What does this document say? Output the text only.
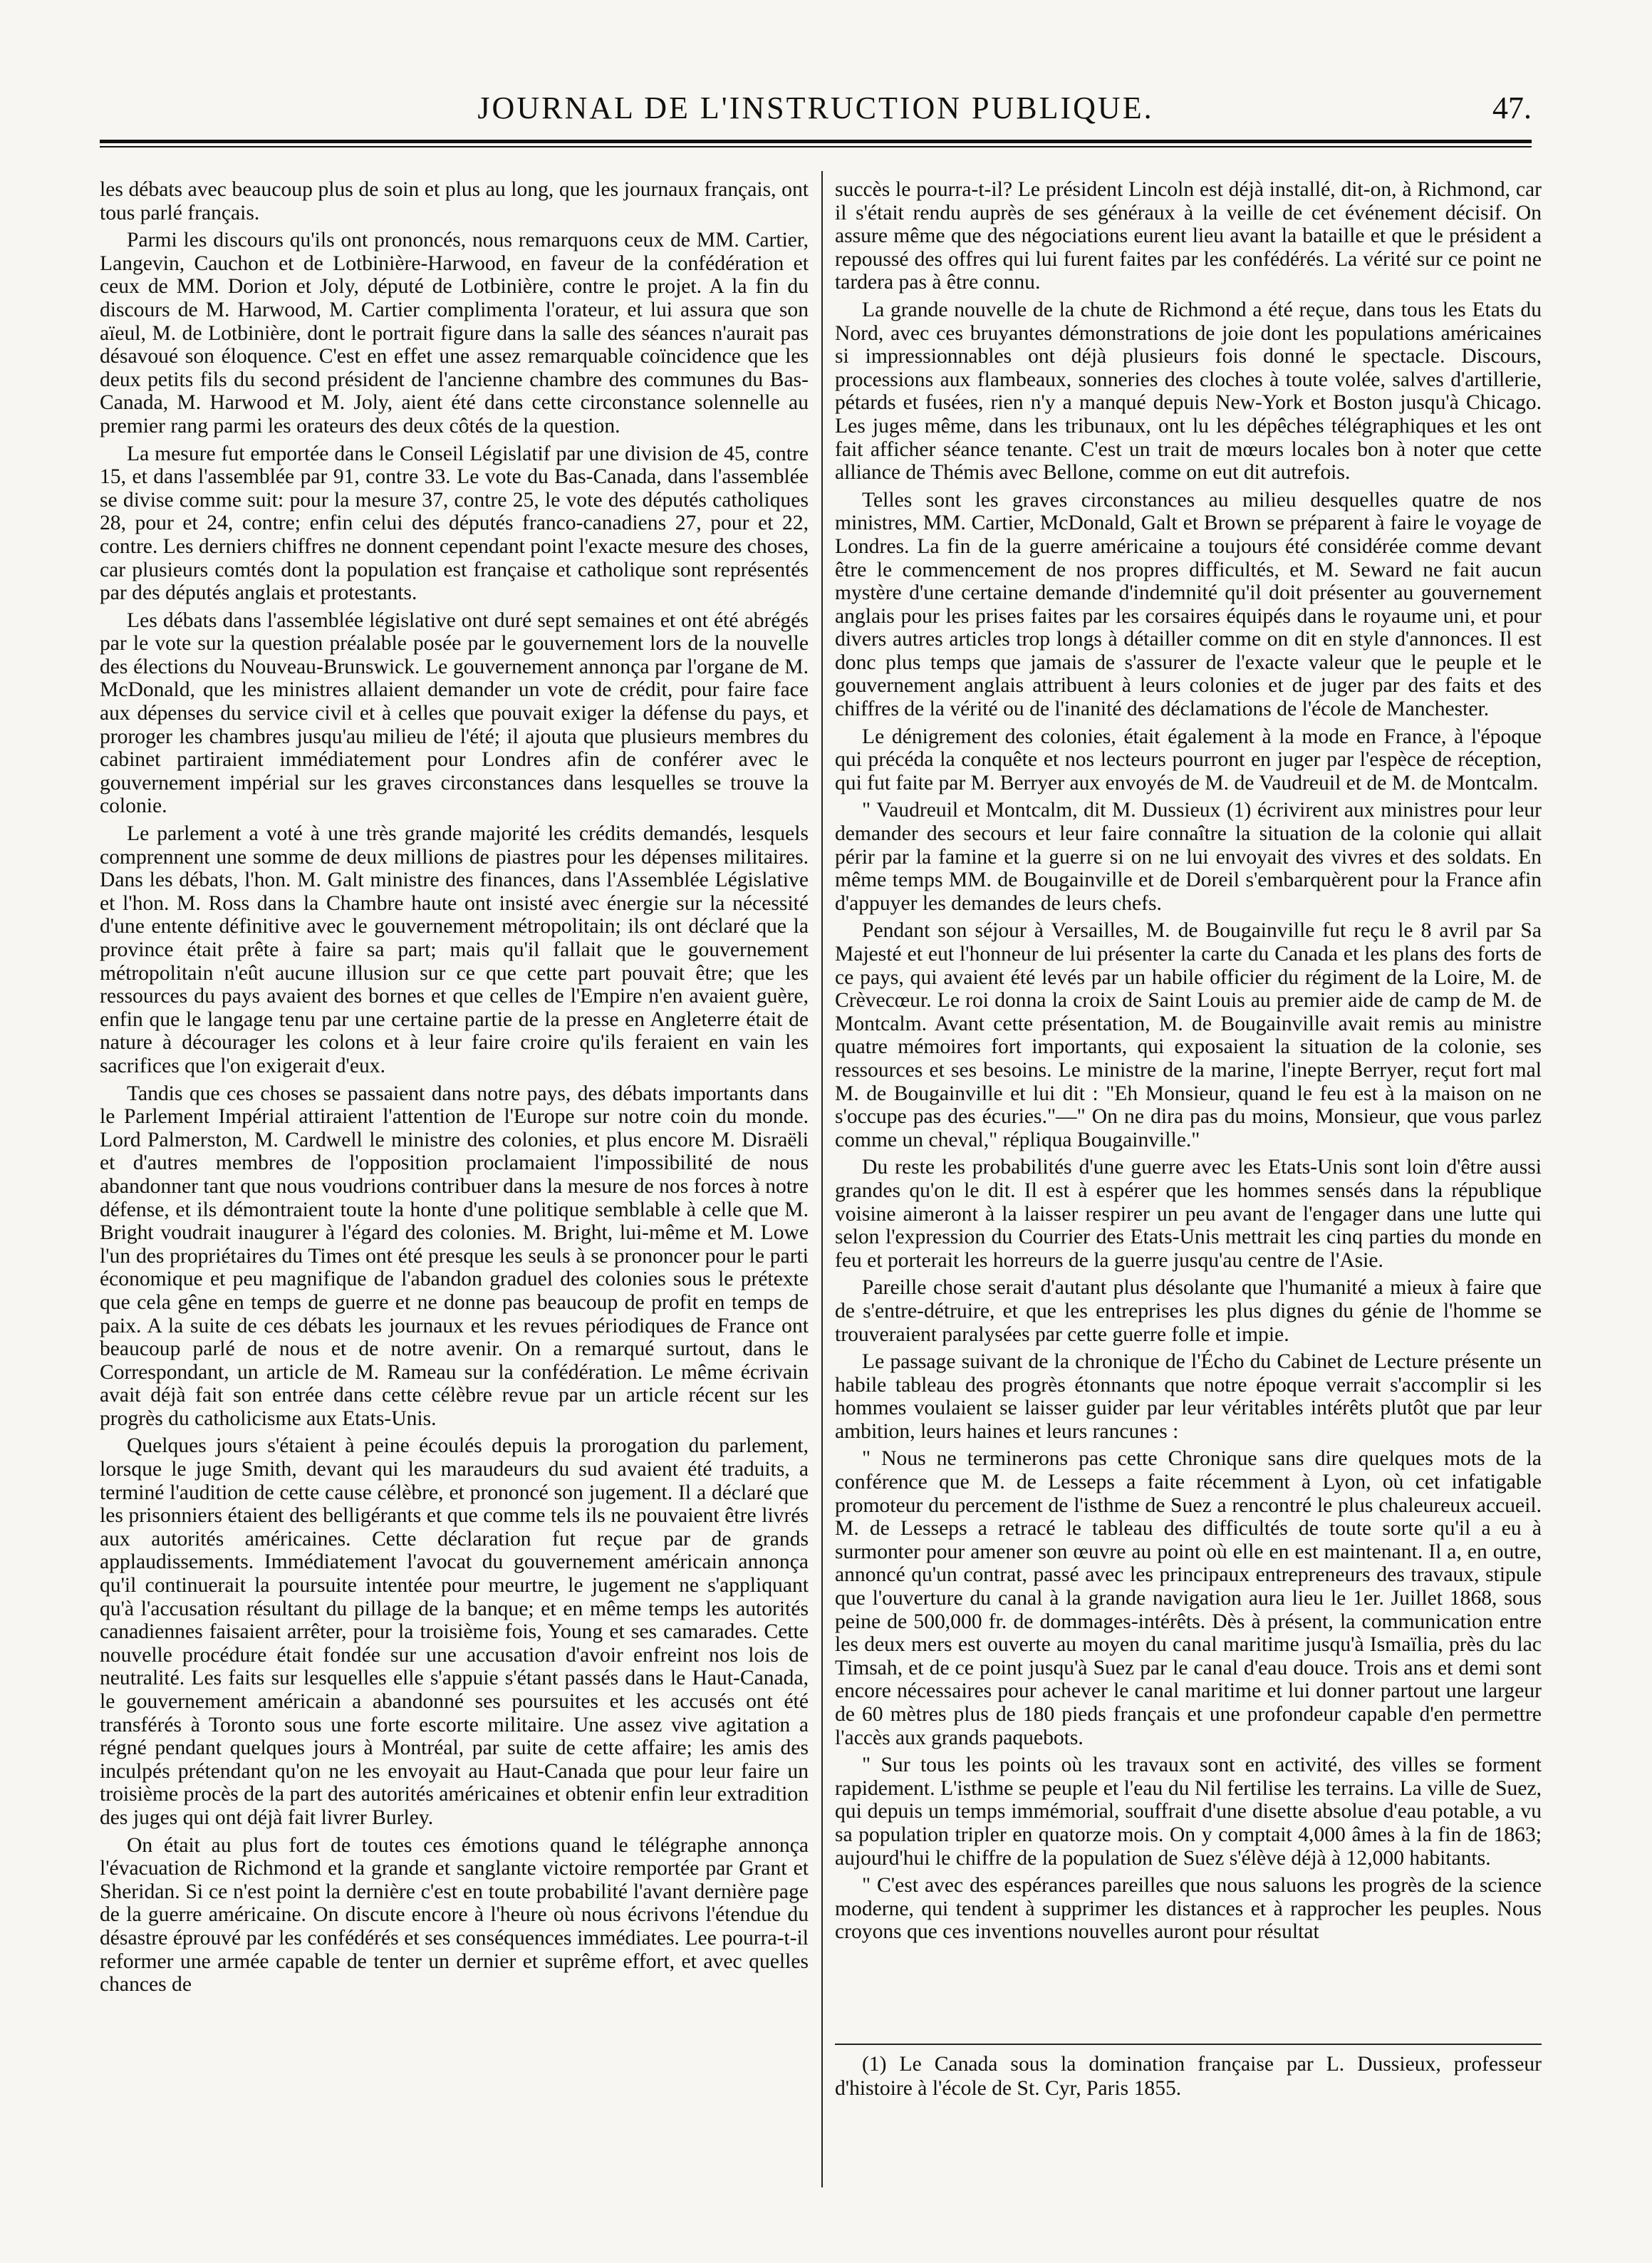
JOURNAL DE L'INSTRUCTION PUBLIQUE.	47.

les débats avec beaucoup plus de soin et plus au long, que les journaux français, ont tous parlé français.

Parmi les discours qu'ils ont prononcés, nous remarquons ceux de MM. Cartier, Langevin, Cauchon et de Lotbinière-Harwood, en faveur de la confédération et ceux de MM. Dorion et Joly, député de Lotbinière, contre le projet. A la fin du discours de M. Harwood, M. Cartier complimenta l'orateur, et lui assura que son aïeul, M. de Lotbinière, dont le portrait figure dans la salle des séances n'aurait pas désavoué son éloquence. C'est en effet une assez remarquable coïncidence que les deux petits fils du second président de l'ancienne chambre des communes du Bas-Canada, M. Harwood et M. Joly, aient été dans cette circonstance solennelle au premier rang parmi les orateurs des deux côtés de la question.

La mesure fut emportée dans le Conseil Législatif par une division de 45, contre 15, et dans l'assemblée par 91, contre 33. Le vote du Bas-Canada, dans l'assemblée se divise comme suit: pour la mesure 37, contre 25, le vote des députés catholiques 28, pour et 24, contre; enfin celui des députés franco-canadiens 27, pour et 22, contre. Les derniers chiffres ne donnent cependant point l'exacte mesure des choses, car plusieurs comtés dont la population est française et catholique sont représentés par des députés anglais et protestants.

Les débats dans l'assemblée législative ont duré sept semaines et ont été abrégés par le vote sur la question préalable posée par le gouvernement lors de la nouvelle des élections du Nouveau-Brunswick. Le gouvernement annonça par l'organe de M. McDonald, que les ministres allaient demander un vote de crédit, pour faire face aux dépenses du service civil et à celles que pouvait exiger la défense du pays, et proroger les chambres jusqu'au milieu de l'été; il ajouta que plusieurs membres du cabinet partiraient immédiatement pour Londres afin de conférer avec le gouvernement impérial sur les graves circonstances dans lesquelles se trouve la colonie.

Le parlement a voté à une très grande majorité les crédits demandés, lesquels comprennent une somme de deux millions de piastres pour les dépenses militaires. Dans les débats, l'hon. M. Galt ministre des finances, dans l'Assemblée Législative et l'hon. M. Ross dans la Chambre haute ont insisté avec énergie sur la nécessité d'une entente définitive avec le gouvernement métropolitain; ils ont déclaré que la province était prête à faire sa part; mais qu'il fallait que le gouvernement métropolitain n'eût aucune illusion sur ce que cette part pouvait être; que les ressources du pays avaient des bornes et que celles de l'Empire n'en avaient guère, enfin que le langage tenu par une certaine partie de la presse en Angleterre était de nature à décourager les colons et à leur faire croire qu'ils feraient en vain les sacrifices que l'on exigerait d'eux.

Tandis que ces choses se passaient dans notre pays, des débats importants dans le Parlement Impérial attiraient l'attention de l'Europe sur notre coin du monde. Lord Palmerston, M. Cardwell le ministre des colonies, et plus encore M. Disraëli et d'autres membres de l'opposition proclamaient l'impossibilité de nous abandonner tant que nous voudrions contribuer dans la mesure de nos forces à notre défense, et ils démontraient toute la honte d'une politique semblable à celle que M. Bright voudrait inaugurer à l'égard des colonies. M. Bright, lui-même et M. Lowe l'un des propriétaires du Times ont été presque les seuls à se prononcer pour le parti économique et peu magnifique de l'abandon graduel des colonies sous le prétexte que cela gêne en temps de guerre et ne donne pas beaucoup de profit en temps de paix. A la suite de ces débats les journaux et les revues périodiques de France ont beaucoup parlé de nous et de notre avenir. On a remarqué surtout, dans le Correspondant, un article de M. Rameau sur la confédération. Le même écrivain avait déjà fait son entrée dans cette célèbre revue par un article récent sur les progrès du catholicisme aux Etats-Unis.

Quelques jours s'étaient à peine écoulés depuis la prorogation du parlement, lorsque le juge Smith, devant qui les maraudeurs du sud avaient été traduits, a terminé l'audition de cette cause célèbre, et prononcé son jugement. Il a déclaré que les prisonniers étaient des belligérants et que comme tels ils ne pouvaient être livrés aux autorités américaines. Cette déclaration fut reçue par de grands applaudissements. Immédiatement l'avocat du gouvernement américain annonça qu'il continuerait la poursuite intentée pour meurtre, le jugement ne s'appliquant qu'à l'accusation résultant du pillage de la banque; et en même temps les autorités canadiennes faisaient arrêter, pour la troisième fois, Young et ses camarades. Cette nouvelle procédure était fondée sur une accusation d'avoir enfreint nos lois de neutralité. Les faits sur lesquelles elle s'appuie s'étant passés dans le Haut-Canada, le gouvernement américain a abandonné ses poursuites et les accusés ont été transférés à Toronto sous une forte escorte militaire. Une assez vive agitation a régné pendant quelques jours à Montréal, par suite de cette affaire; les amis des inculpés prétendant qu'on ne les envoyait au Haut-Canada que pour leur faire un troisième procès de la part des autorités américaines et obtenir enfin leur extradition des juges qui ont déjà fait livrer Burley.

On était au plus fort de toutes ces émotions quand le télégraphe annonça l'évacuation de Richmond et la grande et sanglante victoire remportée par Grant et Sheridan. Si ce n'est point la dernière c'est en toute probabilité l'avant dernière page de la guerre américaine. On discute encore à l'heure où nous écrivons l'étendue du désastre éprouvé par les confédérés et ses conséquences immédiates. Lee pourra-t-il reformer une armée capable de tenter un dernier et suprême effort, et avec quelles chances de

succès le pourra-t-il? Le président Lincoln est déjà installé, dit-on, à Richmond, car il s'était rendu auprès de ses généraux à la veille de cet événement décisif. On assure même que des négociations eurent lieu avant la bataille et que le président a repoussé des offres qui lui furent faites par les confédérés. La vérité sur ce point ne tardera pas à être connu.

La grande nouvelle de la chute de Richmond a été reçue, dans tous les Etats du Nord, avec ces bruyantes démonstrations de joie dont les populations américaines si impressionnables ont déjà plusieurs fois donné le spectacle. Discours, processions aux flambeaux, sonneries des cloches à toute volée, salves d'artillerie, pétards et fusées, rien n'y a manqué depuis New-York et Boston jusqu'à Chicago. Les juges même, dans les tribunaux, ont lu les dépêches télégraphiques et les ont fait afficher séance tenante. C'est un trait de mœurs locales bon à noter que cette alliance de Thémis avec Bellone, comme on eut dit autrefois.

Telles sont les graves circonstances au milieu desquelles quatre de nos ministres, MM. Cartier, McDonald, Galt et Brown se préparent à faire le voyage de Londres. La fin de la guerre américaine a toujours été considérée comme devant être le commencement de nos propres difficultés, et M. Seward ne fait aucun mystère d'une certaine demande d'indemnité qu'il doit présenter au gouvernement anglais pour les prises faites par les corsaires équipés dans le royaume uni, et pour divers autres articles trop longs à détailler comme on dit en style d'annonces. Il est donc plus temps que jamais de s'assurer de l'exacte valeur que le peuple et le gouvernement anglais attribuent à leurs colonies et de juger par des faits et des chiffres de la vérité ou de l'inanité des déclamations de l'école de Manchester.

Le dénigrement des colonies, était également à la mode en France, à l'époque qui précéda la conquête et nos lecteurs pourront en juger par l'espèce de réception, qui fut faite par M. Berryer aux envoyés de M. de Vaudreuil et de M. de Montcalm.

" Vaudreuil et Montcalm, dit M. Dussieux (1) écrivirent aux ministres pour leur demander des secours et leur faire connaître la situation de la colonie qui allait périr par la famine et la guerre si on ne lui envoyait des vivres et des soldats. En même temps MM. de Bougainville et de Doreil s'embarquèrent pour la France afin d'appuyer les demandes de leurs chefs.

Pendant son séjour à Versailles, M. de Bougainville fut reçu le 8 avril par Sa Majesté et eut l'honneur de lui présenter la carte du Canada et les plans des forts de ce pays, qui avaient été levés par un habile officier du régiment de la Loire, M. de Crèvecœur. Le roi donna la croix de Saint Louis au premier aide de camp de M. de Montcalm. Avant cette présentation, M. de Bougainville avait remis au ministre quatre mémoires fort importants, qui exposaient la situation de la colonie, ses ressources et ses besoins. Le ministre de la marine, l'inepte Berryer, reçut fort mal M. de Bougainville et lui dit : "Eh Monsieur, quand le feu est à la maison on ne s'occupe pas des écuries."—" On ne dira pas du moins, Monsieur, que vous parlez comme un cheval," répliqua Bougainville."

Du reste les probabilités d'une guerre avec les Etats-Unis sont loin d'être aussi grandes qu'on le dit. Il est à espérer que les hommes sensés dans la république voisine aimeront à la laisser respirer un peu avant de l'engager dans une lutte qui selon l'expression du Courrier des Etats-Unis mettrait les cinq parties du monde en feu et porterait les horreurs de la guerre jusqu'au centre de l'Asie.

Pareille chose serait d'autant plus désolante que l'humanité a mieux à faire que de s'entre-détruire, et que les entreprises les plus dignes du génie de l'homme se trouveraient paralysées par cette guerre folle et impie.

Le passage suivant de la chronique de l'Écho du Cabinet de Lecture présente un habile tableau des progrès étonnants que notre époque verrait s'accomplir si les hommes voulaient se laisser guider par leur véritables intérêts plutôt que par leur ambition, leurs haines et leurs rancunes :

" Nous ne terminerons pas cette Chronique sans dire quelques mots de la conférence que M. de Lesseps a faite récemment à Lyon, où cet infatigable promoteur du percement de l'isthme de Suez a rencontré le plus chaleureux accueil. M. de Lesseps a retracé le tableau des difficultés de toute sorte qu'il a eu à surmonter pour amener son œuvre au point où elle en est maintenant. Il a, en outre, annoncé qu'un contrat, passé avec les principaux entrepreneurs des travaux, stipule que l'ouverture du canal à la grande navigation aura lieu le 1er. Juillet 1868, sous peine de 500,000 fr. de dommages-intérêts. Dès à présent, la communication entre les deux mers est ouverte au moyen du canal maritime jusqu'à Ismaïlia, près du lac Timsah, et de ce point jusqu'à Suez par le canal d'eau douce. Trois ans et demi sont encore nécessaires pour achever le canal maritime et lui donner partout une largeur de 60 mètres plus de 180 pieds français et une profondeur capable d'en permettre l'accès aux grands paquebots.

" Sur tous les points où les travaux sont en activité, des villes se forment rapidement. L'isthme se peuple et l'eau du Nil fertilise les terrains. La ville de Suez, qui depuis un temps immémorial, souffrait d'une disette absolue d'eau potable, a vu sa population tripler en quatorze mois. On y comptait 4,000 âmes à la fin de 1863; aujourd'hui le chiffre de la population de Suez s'élève déjà à 12,000 habitants.

" C'est avec des espérances pareilles que nous saluons les progrès de la science moderne, qui tendent à supprimer les distances et à rapprocher les peuples. Nous croyons que ces inventions nouvelles auront pour résultat

(1) Le Canada sous la domination française par L. Dussieux, professeur d'histoire à l'école de St. Cyr, Paris 1855.
